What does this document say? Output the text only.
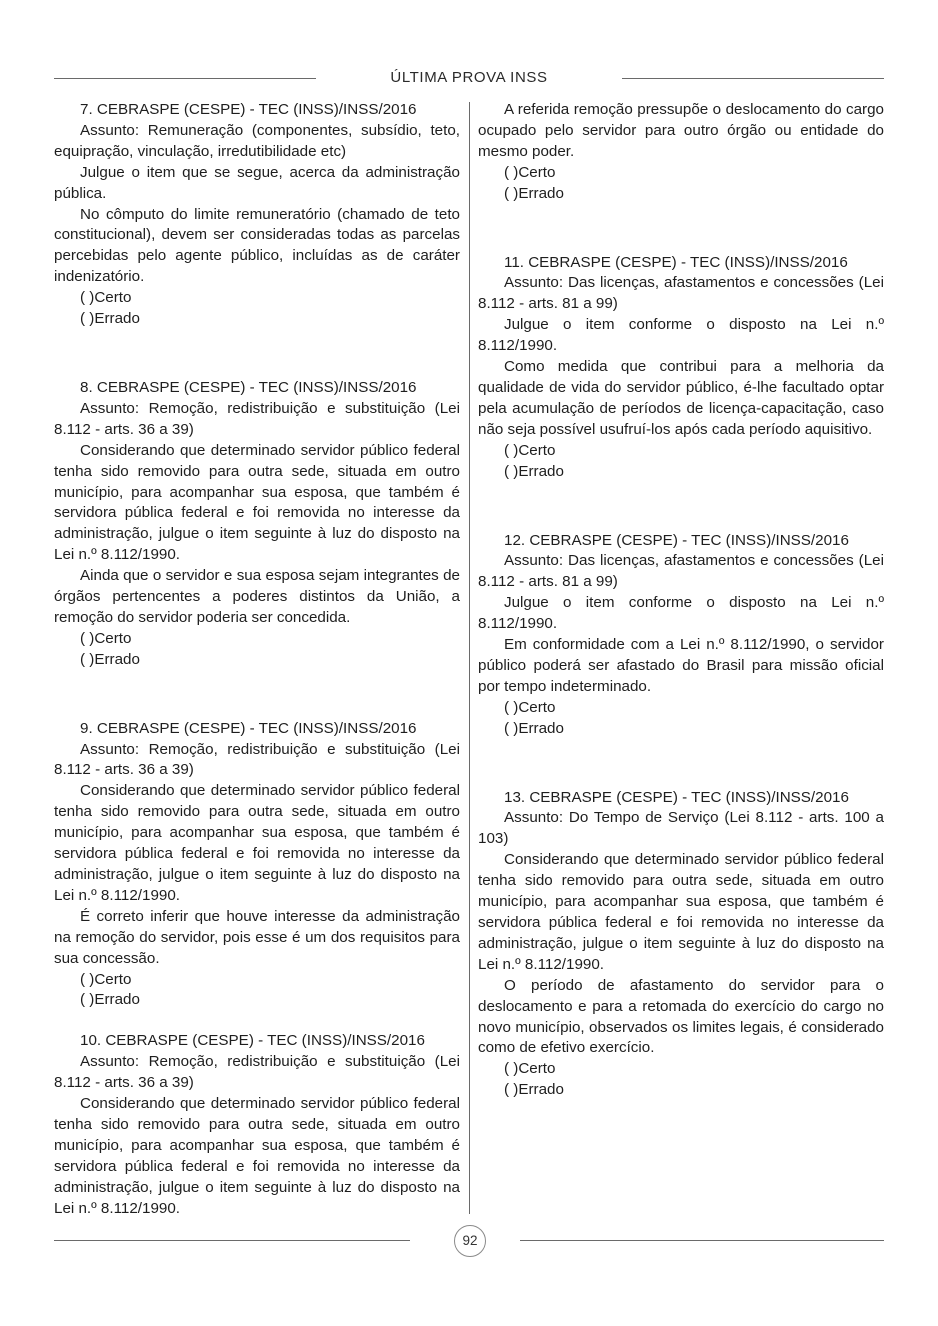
ÚLTIMA PROVA INSS

7. CEBRASPE (CESPE) - TEC (INSS)/INSS/2016

Assunto: Remuneração (componentes, subsídio, teto, equipração, vinculação, irredutibilidade etc)

Julgue o item que se segue, acerca da administração pública.

No cômputo do limite remuneratório (chamado de teto constitucional), devem ser consideradas todas as parcelas percebidas pelo agente público, incluídas as de caráter indenizatório.

( )Certo

( )Errado

8. CEBRASPE (CESPE) - TEC (INSS)/INSS/2016

Assunto: Remoção, redistribuição e substituição (Lei 8.112 - arts. 36 a 39)

Considerando que determinado servidor público federal tenha sido removido para outra sede, situada em outro município, para acompanhar sua esposa, que também é servidora pública federal e foi removida no interesse da administração, julgue o item seguinte à luz do disposto na Lei n.º 8.112/1990.

Ainda que o servidor e sua esposa sejam integrantes de órgãos pertencentes a poderes distintos da União, a remoção do servidor poderia ser concedida.

( )Certo

( )Errado

9. CEBRASPE (CESPE) - TEC (INSS)/INSS/2016

Assunto: Remoção, redistribuição e substituição (Lei 8.112 - arts. 36 a 39)

Considerando que determinado servidor público federal tenha sido removido para outra sede, situada em outro município, para acompanhar sua esposa, que também é servidora pública federal e foi removida no interesse da administração, julgue o item seguinte à luz do disposto na Lei n.º 8.112/1990.

É correto inferir que houve interesse da administração na remoção do servidor, pois esse é um dos requisitos para sua concessão.

( )Certo

( )Errado

10. CEBRASPE (CESPE) - TEC (INSS)/INSS/2016

Assunto: Remoção, redistribuição e substituição (Lei 8.112 - arts. 36 a 39)

Considerando que determinado servidor público federal tenha sido removido para outra sede, situada em outro município, para acompanhar sua esposa, que também é servidora pública federal e foi removida no interesse da administração, julgue o item seguinte à luz do disposto na Lei n.º 8.112/1990.

A referida remoção pressupõe o deslocamento do cargo ocupado pelo servidor para outro órgão ou entidade do mesmo poder.

( )Certo

( )Errado

11. CEBRASPE (CESPE) - TEC (INSS)/INSS/2016

Assunto: Das licenças, afastamentos e concessões (Lei 8.112 - arts. 81 a 99)

Julgue o item conforme o disposto na Lei n.º 8.112/1990.

Como medida que contribui para a melhoria da qualidade de vida do servidor público, é-lhe facultado optar pela acumulação de períodos de licença-capacitação, caso não seja possível usufruí-los após cada período aquisitivo.

( )Certo

( )Errado

12. CEBRASPE (CESPE) - TEC (INSS)/INSS/2016

Assunto: Das licenças, afastamentos e concessões (Lei 8.112 - arts. 81 a 99)

Julgue o item conforme o disposto na Lei n.º 8.112/1990.

Em conformidade com a Lei n.º 8.112/1990, o servidor público poderá ser afastado do Brasil para missão oficial por tempo indeterminado.

( )Certo

( )Errado

13. CEBRASPE (CESPE) - TEC (INSS)/INSS/2016

Assunto: Do Tempo de Serviço (Lei 8.112 - arts. 100 a 103)

Considerando que determinado servidor público federal tenha sido removido para outra sede, situada em outro município, para acompanhar sua esposa, que também é servidora pública federal e foi removida no interesse da administração, julgue o item seguinte à luz do disposto na Lei n.º 8.112/1990.

O período de afastamento do servidor para o deslocamento e para a retomada do exercício do cargo no novo município, observados os limites legais, é considerado como de efetivo exercício.

( )Certo

( )Errado

92
